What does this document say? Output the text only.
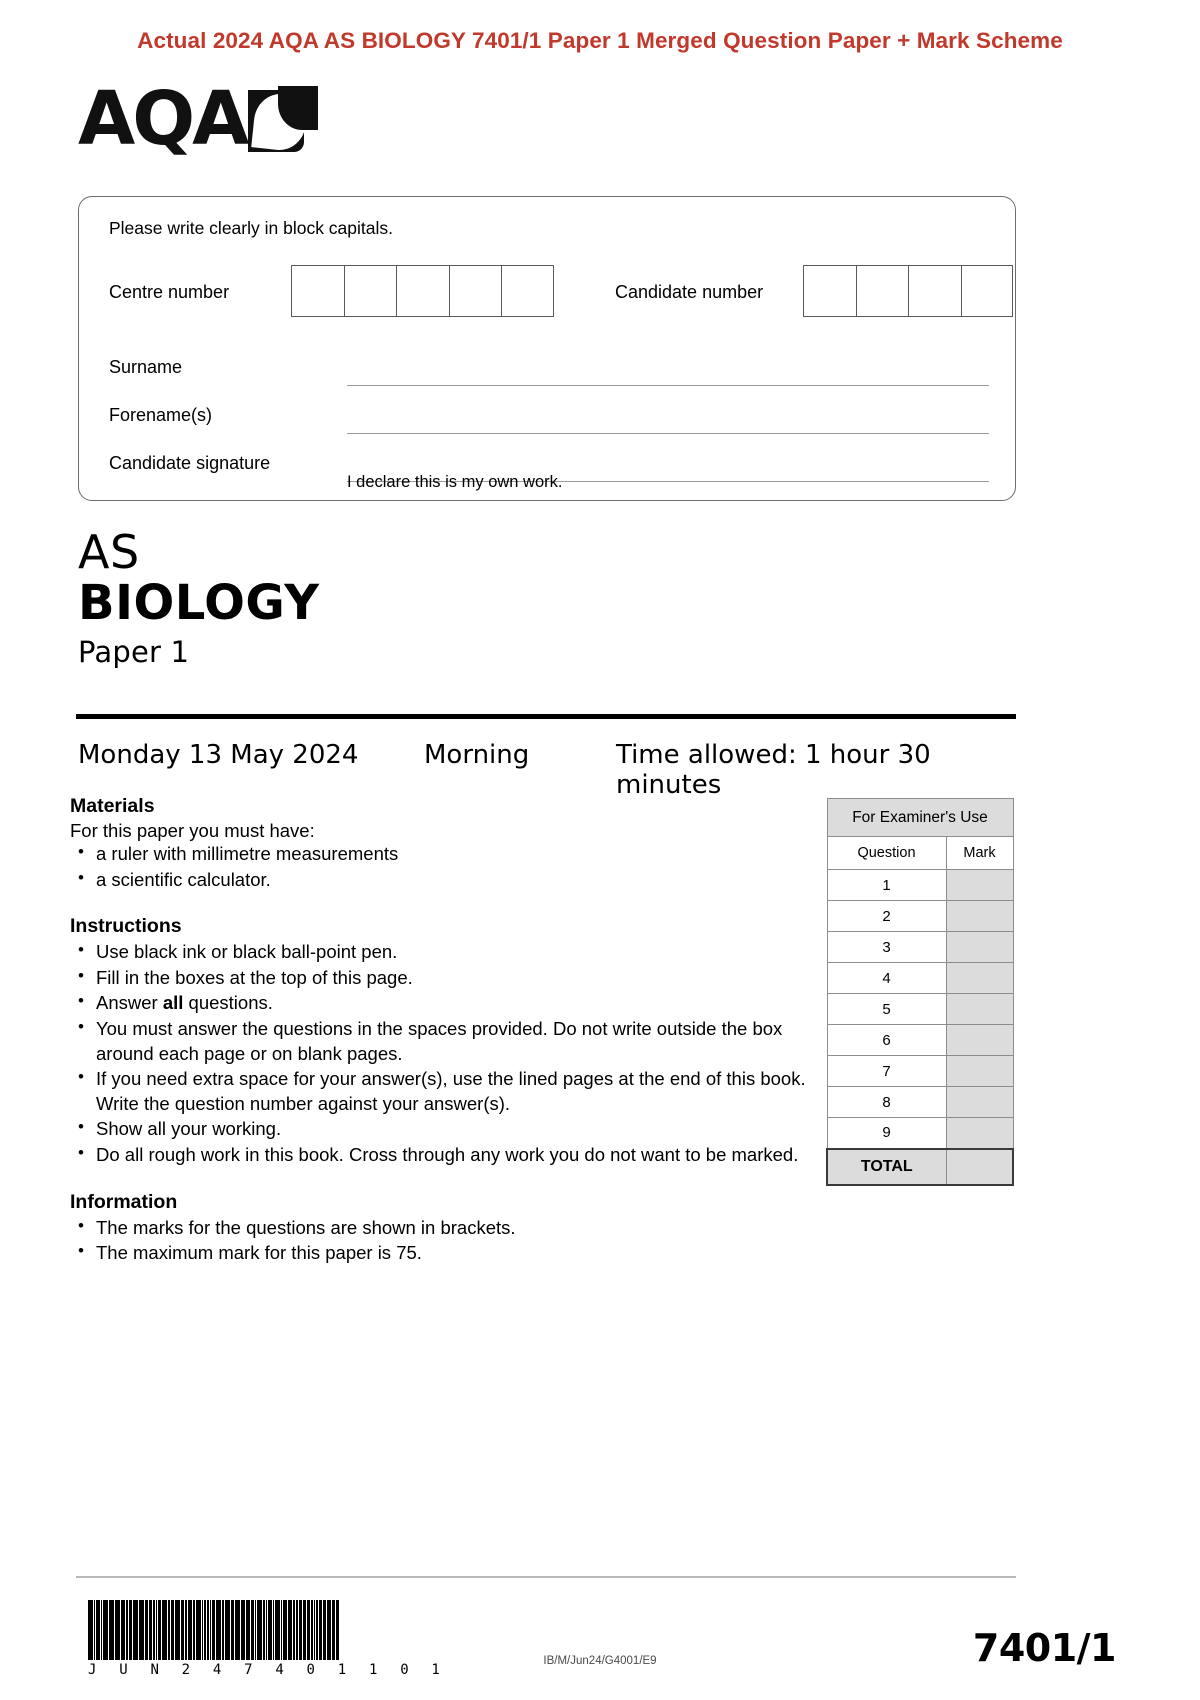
Actual 2024 AQA AS BIOLOGY 7401/1 Paper 1 Merged Question Paper + Mark Scheme
AQA
Please write clearly in block capitals.
Centre number	Candidate number
Surname
Forename(s)
Candidate signature
I declare this is my own work.
AS
BIOLOGY
Paper 1
Monday 13 May 2024	Morning	Time allowed: 1 hour 30 minutes
Materials
For this paper you must have:
• a ruler with millimetre measurements
• a scientific calculator.
Instructions
• Use black ink or black ball-point pen.
• Fill in the boxes at the top of this page.
• Answer all questions.
• You must answer the questions in the spaces provided. Do not write outside the box around each page or on blank pages.
• If you need extra space for your answer(s), use the lined pages at the end of this book. Write the question number against your answer(s).
• Show all your working.
• Do all rough work in this book. Cross through any work you do not want to be marked.
Information
• The marks for the questions are shown in brackets.
• The maximum mark for this paper is 75.
For Examiner's Use	
Question	Mark
1	
2	
3	
4	
5	
6	
7	
8	
9	
TOTAL	
J U N 2 4 7 4 0 1 1 0 1
IB/M/Jun24/G4001/E9	7401/1
